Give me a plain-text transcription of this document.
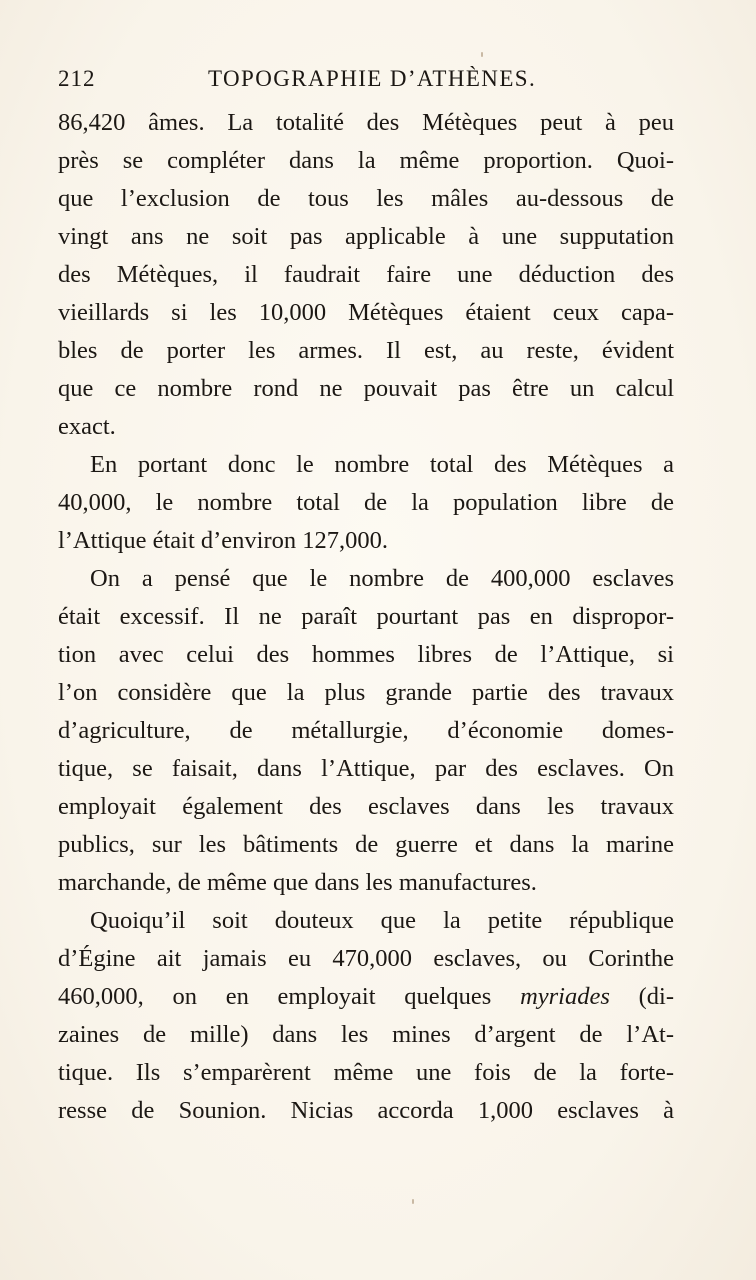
212	TOPOGRAPHIE D’ATHÈNES.
86,420 âmes. La totalité des Métèques peut à peu
près se compléter dans la même proportion. Quoi-
que l’exclusion de tous les mâles au-dessous de
vingt ans ne soit pas applicable à une supputation
des Métèques, il faudrait faire une déduction des
vieillards si les 10,000 Métèques étaient ceux capa-
bles de porter les armes. Il est, au reste, évident
que ce nombre rond ne pouvait pas être un calcul
exact.
En portant donc le nombre total des Métèques a
40,000, le nombre total de la population libre de
l’Attique était d’environ 127,000.
On a pensé que le nombre de 400,000 esclaves
était excessif. Il ne paraît pourtant pas en dispropor-
tion avec celui des hommes libres de l’Attique, si
l’on considère que la plus grande partie des travaux
d’agriculture, de métallurgie, d’économie domes-
tique, se faisait, dans l’Attique, par des esclaves. On
employait également des esclaves dans les travaux
publics, sur les bâtiments de guerre et dans la marine
marchande, de même que dans les manufactures.
Quoiqu’il soit douteux que la petite république
d’Égine ait jamais eu 470,000 esclaves, ou Corinthe
460,000, on en employait quelques myriades (di-
zaines de mille) dans les mines d’argent de l’At-
tique. Ils s’emparèrent même une fois de la forte-
resse de Sounion. Nicias accorda 1,000 esclaves à
